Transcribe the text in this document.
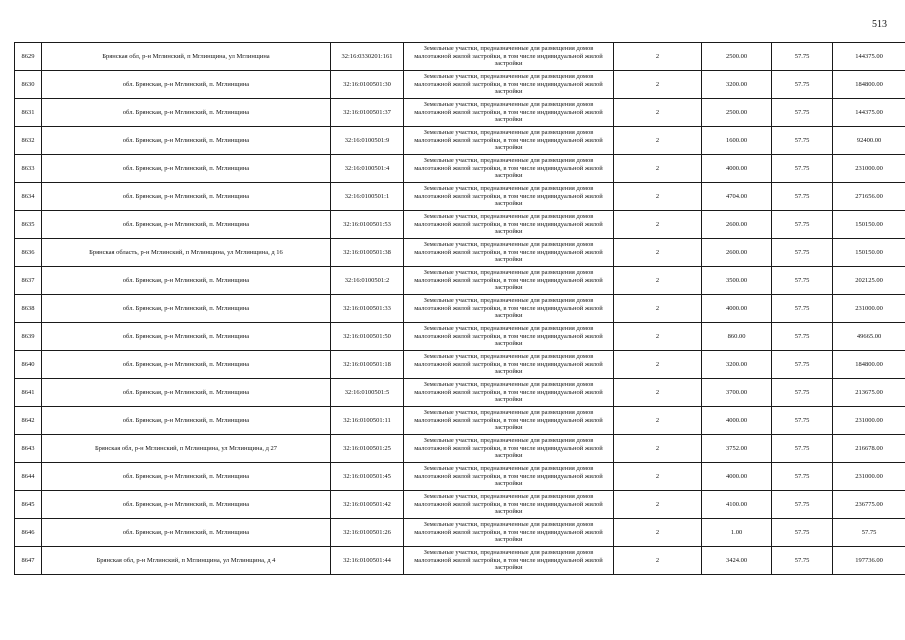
513
8629	Брянская обл, р-н Мглинский, п Мглинщина, ул Мглинщина	32:16:0330201:161	Земельные участки, предназначенные для размещения домов малоэтажной жилой застройки, в том числе индивидуальной жилой застройки	2	2500.00	57.75	144375.00
8630	обл. Брянская, р-н Мглинский, п. Мглинщина	32:16:0100501:30	Земельные участки, предназначенные для размещения домов малоэтажной жилой застройки, в том числе индивидуальной жилой застройки	2	3200.00	57.75	184800.00
8631	обл. Брянская, р-н Мглинский, п. Мглинщина	32:16:0100501:37	Земельные участки, предназначенные для размещения домов малоэтажной жилой застройки, в том числе индивидуальной жилой застройки	2	2500.00	57.75	144375.00
8632	обл. Брянская, р-н Мглинский, п. Мглинщина	32:16:0100501:9	Земельные участки, предназначенные для размещения домов малоэтажной жилой застройки, в том числе индивидуальной жилой застройки	2	1600.00	57.75	92400.00
8633	обл. Брянская, р-н Мглинский, п. Мглинщина	32:16:0100501:4	Земельные участки, предназначенные для размещения домов малоэтажной жилой застройки, в том числе индивидуальной жилой застройки	2	4000.00	57.75	231000.00
8634	обл. Брянская, р-н Мглинский, п. Мглинщина	32:16:0100501:1	Земельные участки, предназначенные для размещения домов малоэтажной жилой застройки, в том числе индивидуальной жилой застройки	2	4704.00	57.75	271656.00
8635	обл. Брянская, р-н Мглинский, п. Мглинщина	32:16:0100501:53	Земельные участки, предназначенные для размещения домов малоэтажной жилой застройки, в том числе индивидуальной жилой застройки	2	2600.00	57.75	150150.00
8636	Брянская область, р-н Мглинский, п Мглинщина, ул Мглинщина, д 16	32:16:0100501:38	Земельные участки, предназначенные для размещения домов малоэтажной жилой застройки, в том числе индивидуальной жилой застройки	2	2600.00	57.75	150150.00
8637	обл. Брянская, р-н Мглинский, п. Мглинщина	32:16:0100501:2	Земельные участки, предназначенные для размещения домов малоэтажной жилой застройки, в том числе индивидуальной жилой застройки	2	3500.00	57.75	202125.00
8638	обл. Брянская, р-н Мглинский, п. Мглинщина	32:16:0100501:33	Земельные участки, предназначенные для размещения домов малоэтажной жилой застройки, в том числе индивидуальной жилой застройки	2	4000.00	57.75	231000.00
8639	обл. Брянская, р-н Мглинский, п. Мглинщина	32:16:0100501:50	Земельные участки, предназначенные для размещения домов малоэтажной жилой застройки, в том числе индивидуальной жилой застройки	2	860.00	57.75	49665.00
8640	обл. Брянская, р-н Мглинский, п. Мглинщина	32:16:0100501:18	Земельные участки, предназначенные для размещения домов малоэтажной жилой застройки, в том числе индивидуальной жилой застройки	2	3200.00	57.75	184800.00
8641	обл. Брянская, р-н Мглинский, п. Мглинщина	32:16:0100501:5	Земельные участки, предназначенные для размещения домов малоэтажной жилой застройки, в том числе индивидуальной жилой застройки	2	3700.00	57.75	213675.00
8642	обл. Брянская, р-н Мглинский, п. Мглинщина	32:16:0100501:11	Земельные участки, предназначенные для размещения домов малоэтажной жилой застройки, в том числе индивидуальной жилой застройки	2	4000.00	57.75	231000.00
8643	Брянская обл, р-н Мглинский, п Мглинщина, ул Мглинщина, д 27	32:16:0100501:25	Земельные участки, предназначенные для размещения домов малоэтажной жилой застройки, в том числе индивидуальной жилой застройки	2	3752.00	57.75	216678.00
8644	обл. Брянская, р-н Мглинский, п. Мглинщина	32:16:0100501:45	Земельные участки, предназначенные для размещения домов малоэтажной жилой застройки, в том числе индивидуальной жилой застройки	2	4000.00	57.75	231000.00
8645	обл. Брянская, р-н Мглинский, п. Мглинщина	32:16:0100501:42	Земельные участки, предназначенные для размещения домов малоэтажной жилой застройки, в том числе индивидуальной жилой застройки	2	4100.00	57.75	236775.00
8646	обл. Брянская, р-н Мглинский, п. Мглинщина	32:16:0100501:26	Земельные участки, предназначенные для размещения домов малоэтажной жилой застройки, в том числе индивидуальной жилой застройки	2	1.00	57.75	57.75
8647	Брянская обл, р-н Мглинский, п Мглинщина, ул Мглинщина, д 4	32:16:0100501:44	Земельные участки, предназначенные для размещения домов малоэтажной жилой застройки, в том числе индивидуальной жилой застройки	2	3424.00	57.75	197736.00
